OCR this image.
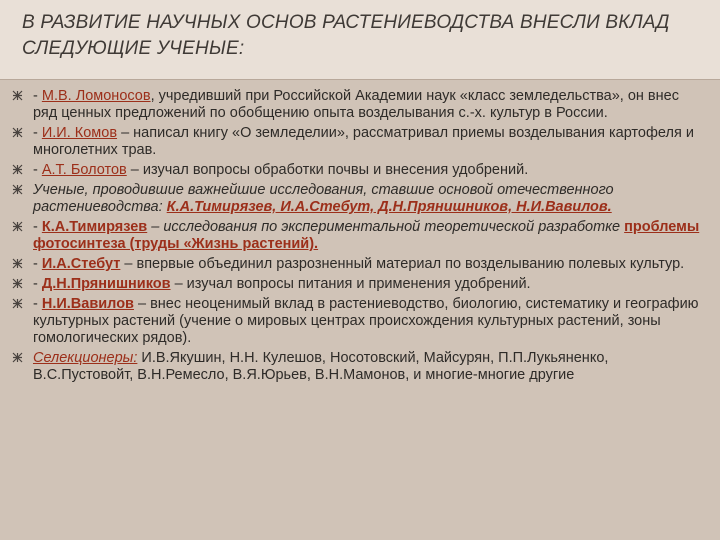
В РАЗВИТИЕ НАУЧНЫХ ОСНОВ РАСТЕНИЕВОДСТВА ВНЕСЛИ ВКЛАД
СЛЕДУЮЩИЕ УЧЕНЫЕ:
- М.В. Ломоносов, учредивший при Российской Академии наук «класс земледельства», он внес ряд ценных предложений по обобщению опыта возделывания с.-х. культур в России.
- И.И. Комов – написал книгу «О земледелии», рассматривал приемы возделывания картофеля и многолетних трав.
- А.Т. Болотов – изучал вопросы обработки почвы и внесения удобрений.
Ученые, проводившие важнейшие исследования, ставшие основой отечественного растениеводства: К.А.Тимирязев, И.А.Стебут, Д.Н.Прянишников, Н.И.Вавилов.
- К.А.Тимирязев – исследования по экспериментальной теоретической разработке проблемы фотосинтеза (труды «Жизнь растений).
- И.А.Стебут – впервые объединил разрозненный материал по возделыванию полевых культур.
- Д.Н.Прянишников – изучал вопросы питания и применения удобрений.
- Н.И.Вавилов – внес неоценимый вклад в растениеводство, биологию, систематику и географию культурных растений (учение о мировых центрах происхождения культурных растений, зоны гомологических рядов).
Селекционеры: И.В.Якушин, Н.Н. Кулешов, Носотовский, Майсурян, П.П.Лукьяненко, В.С.Пустовойт, В.Н.Ремесло, В.Я.Юрьев, В.Н.Мамонов, и многие-многие другие
